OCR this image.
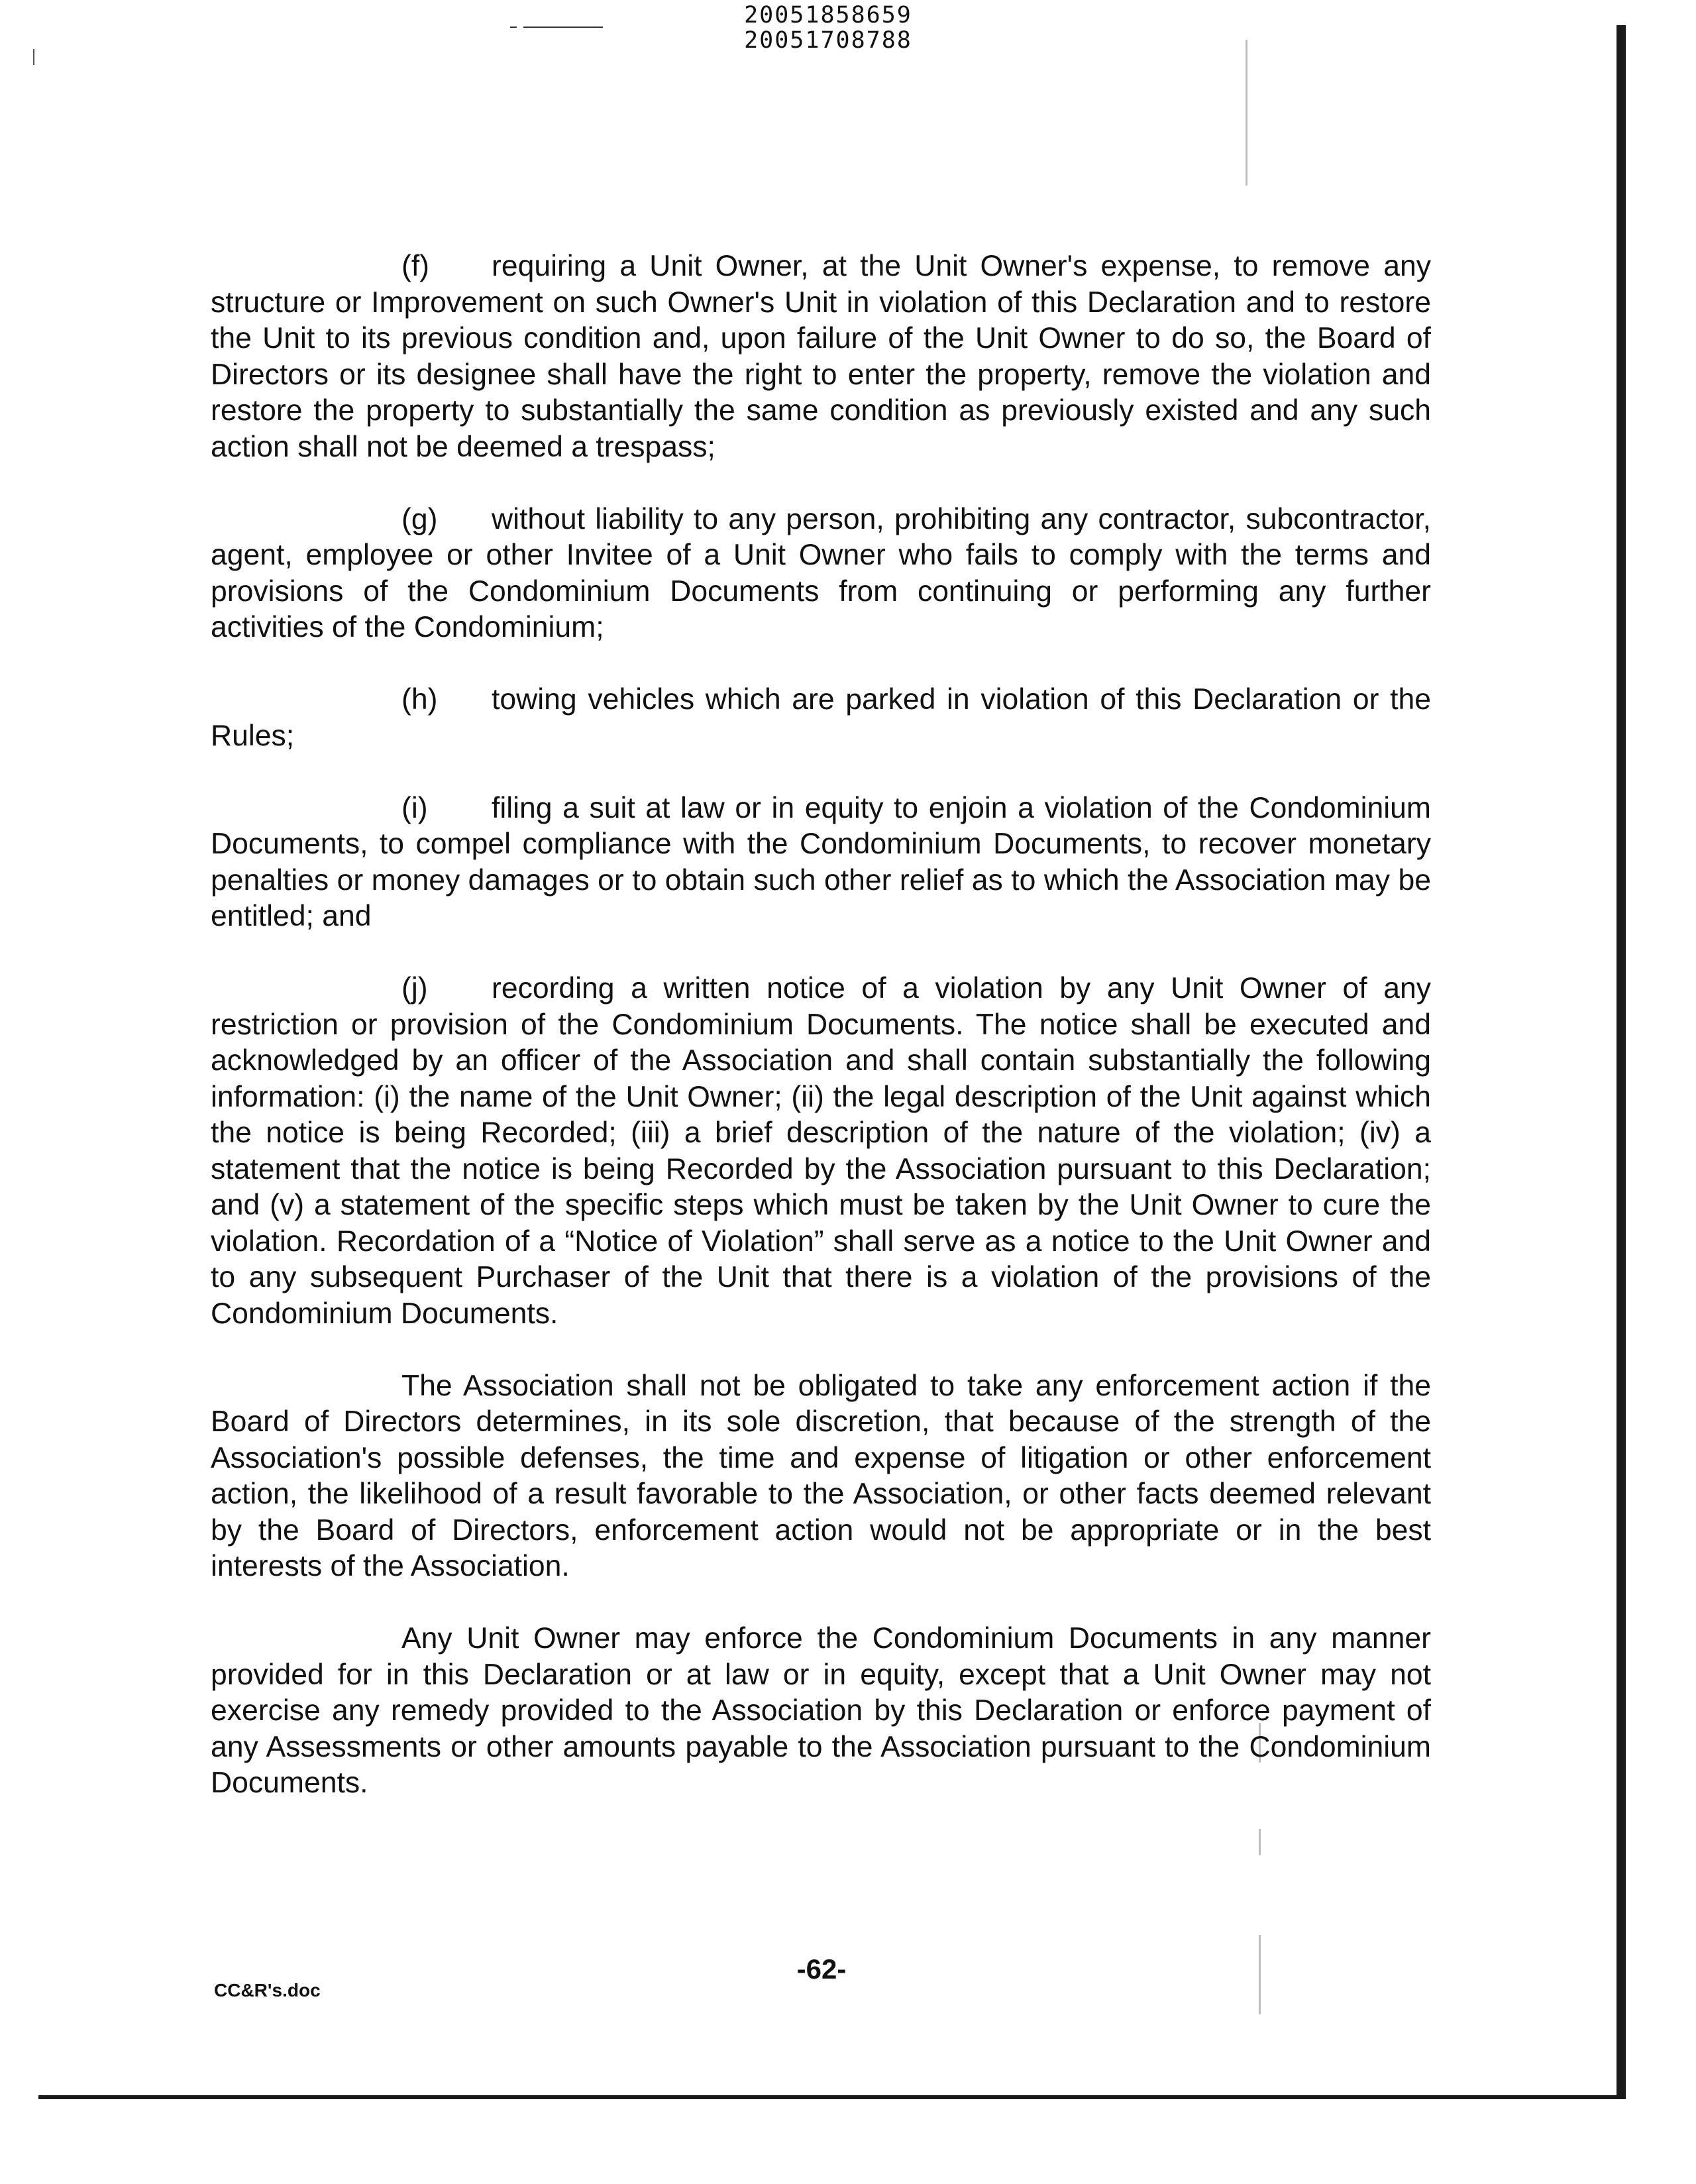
20051858659
20051708788

(f) requiring a Unit Owner, at the Unit Owner's expense, to remove any structure or Improvement on such Owner's Unit in violation of this Declaration and to restore the Unit to its previous condition and, upon failure of the Unit Owner to do so, the Board of Directors or its designee shall have the right to enter the property, remove the violation and restore the property to substantially the same condition as previously existed and any such action shall not be deemed a trespass;

(g) without liability to any person, prohibiting any contractor, subcontractor, agent, employee or other Invitee of a Unit Owner who fails to comply with the terms and provisions of the Condominium Documents from continuing or performing any further activities of the Condominium;

(h) towing vehicles which are parked in violation of this Declaration or the Rules;

(i) filing a suit at law or in equity to enjoin a violation of the Condominium Documents, to compel compliance with the Condominium Documents, to recover monetary penalties or money damages or to obtain such other relief as to which the Association may be entitled; and

(j) recording a written notice of a violation by any Unit Owner of any restriction or provision of the Condominium Documents. The notice shall be executed and acknowledged by an officer of the Association and shall contain substantially the following information: (i) the name of the Unit Owner; (ii) the legal description of the Unit against which the notice is being Recorded; (iii) a brief description of the nature of the violation; (iv) a statement that the notice is being Recorded by the Association pursuant to this Declaration; and (v) a statement of the specific steps which must be taken by the Unit Owner to cure the violation. Recordation of a “Notice of Violation” shall serve as a notice to the Unit Owner and to any subsequent Purchaser of the Unit that there is a violation of the provisions of the Condominium Documents.

The Association shall not be obligated to take any enforcement action if the Board of Directors determines, in its sole discretion, that because of the strength of the Association's possible defenses, the time and expense of litigation or other enforcement action, the likelihood of a result favorable to the Association, or other facts deemed relevant by the Board of Directors, enforcement action would not be appropriate or in the best interests of the Association.

Any Unit Owner may enforce the Condominium Documents in any manner provided for in this Declaration or at law or in equity, except that a Unit Owner may not exercise any remedy provided to the Association by this Declaration or enforce payment of any Assessments or other amounts payable to the Association pursuant to the Condominium Documents.

-62-
CC&R's.doc
